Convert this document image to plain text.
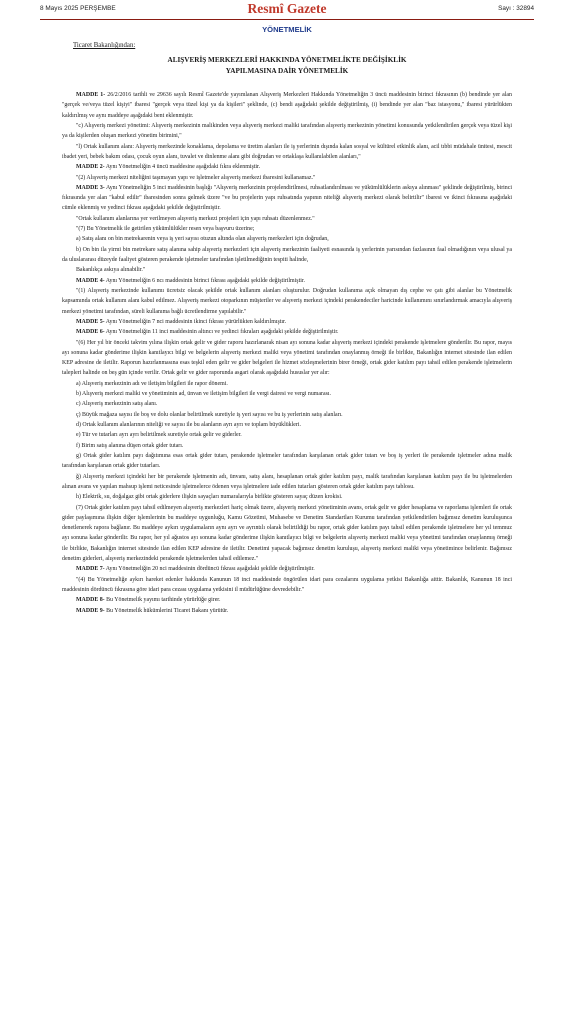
8 Mayıs 2025 PERŞEMBE	Resmî Gazete	Sayı : 32894
YÖNETMELİK
Ticaret Bakanlığından:
ALIŞVERİŞ MERKEZLERİ HAKKINDA YÖNETMELİKTE DEĞİŞİKLİK
YAPILMASINA DAİR YÖNETMELİK

MADDE 1- 26/2/2016 tarihli ve 29636 sayılı Resmî Gazete'de yayımlanan Alışveriş Merkezleri Hakkında Yönetmeliğin 3 üncü maddesinin birinci fıkrasının (b) bendinde yer alan "gerçek ve/veya tüzel kişiyi" ibaresi "gerçek veya tüzel kişi ya da kişileri" şeklinde, (c) bendi aşağıdaki şekilde değiştirilmiş, (i) bendinde yer alan "baz istasyonu," ibaresi yürürlükten kaldırılmış ve aynı maddeye aşağıdaki bent eklenmiştir.

"c) Alışveriş merkezi yönetimi: Alışveriş merkezinin malikinden veya alışveriş merkezi maliki tarafından alışveriş merkezinin yönetimi konusunda yetkilendirilen gerçek veya tüzel kişi ya da kişilerden oluşan merkezi yönetim birimini,"

"l) Ortak kullanım alanı: Alışveriş merkezinde konaklama, depolama ve üretim alanları ile iş yerlerinin dışında kalan sosyal ve kültürel etkinlik alanı, acil tıbbi müdahale ünitesi, mescit ibadet yeri, bebek bakım odası, çocuk oyun alanı, tuvalet ve dinlenme alanı gibi doğrudan ve ortaklaşa kullanılabilen alanları,"

MADDE 2- Aynı Yönetmeliğin 4 üncü maddesine aşağıdaki fıkra eklenmiştir.

"(2) Alışveriş merkezi niteliğini taşımayan yapı ve işletmeler alışveriş merkezi ibaresini kullanamaz."

MADDE 3- Aynı Yönetmeliğin 5 inci maddesinin başlığı "Alışveriş merkezinin projelendirilmesi, ruhsatlandırılması ve yükümlülüklerin askıya alınması" şeklinde değiştirilmiş, birinci fıkrasında yer alan "kabul edilir" ibaresinden sonra gelmek üzere "ve bu projelerin yapı ruhsatında yapının niteliği alışveriş merkezi olarak belirtilir" ibaresi ve ikinci fıkrasına aşağıdaki cümle eklenmiş ve yedinci fıkrası aşağıdaki şekilde değiştirilmiştir.

"Ortak kullanım alanlarına yer verilmeyen alışveriş merkezi projeleri için yapı ruhsatı düzenlenmez."

"(7) Bu Yönetmelik ile getirilen yükümlülükler resen veya başvuru üzerine;

a) Satış alanı on bin metrekarenin veya iş yeri sayısı otuzun altında olan alışveriş merkezleri için doğrudan,

b) On bin ila yirmi bin metrekare satış alanına sahip alışveriş merkezleri için alışveriş merkezinin faaliyeti esnasında iş yerlerinin yarısından fazlasının faal olmadığının veya ulusal ya da uluslararası düzeyde faaliyet gösteren perakende işletmeler tarafından işletilmediğinin tespiti halinde,

Bakanlıkça askıya alınabilir."

MADDE 4- Aynı Yönetmeliğin 6 ncı maddesinin birinci fıkrası aşağıdaki şekilde değiştirilmiştir.

"(1) Alışveriş merkezinde kullanımı ücretsiz olacak şekilde ortak kullanım alanları oluşturulur. Doğrudan kullanıma açık olmayan dış cephe ve çatı gibi alanlar bu Yönetmelik kapsamında ortak kullanım alanı kabul edilmez. Alışveriş merkezi otoparkının müşteriler ve alışveriş merkezi içindeki perakendeciler haricinde kullanımını sınırlandırmak amacıyla alışveriş merkezi yönetimi tarafından, süreli kullanıma bağlı ücretlendirme yapılabilir."

MADDE 5- Aynı Yönetmeliğin 7 nci maddesinin ikinci fıkrası yürürlükten kaldırılmıştır.

MADDE 6- Aynı Yönetmeliğin 11 inci maddesinin altıncı ve yedinci fıkraları aşağıdaki şekilde değiştirilmiştir.

"(6) Her yıl bir önceki takvim yılına ilişkin ortak gelir ve gider raporu hazırlanarak nisan ayı sonuna kadar alışveriş merkezi içindeki perakende işletmelere gönderilir. Bu rapor, mayıs ayı sonuna kadar gönderime ilişkin kanıtlayıcı bilgi ve belgelerin alışveriş merkezi maliki veya yönetimi tarafından onaylanmış örneği ile birlikte, Bakanlığın internet sitesinde ilan edilen KEP adresine de iletilir. Raporun hazırlanmasına esas teşkil eden gelir ve gider belgeleri ile hizmet sözleşmelerinin birer örneği, ortak gider katılım payı tahsil edilen perakende işletmelerin talepleri halinde on beş gün içinde verilir. Ortak gelir ve gider raporunda asgari olarak aşağıdaki hususlar yer alır:

a) Alışveriş merkezinin adı ve iletişim bilgileri ile rapor dönemi.

b) Alışveriş merkezi maliki ve yönetiminin ad, ünvan ve iletişim bilgileri ile vergi dairesi ve vergi numarası.

c) Alışveriş merkezinin satış alanı.

ç) Büyük mağaza sayısı ile boş ve dolu olanlar belirtilmek suretiyle iş yeri sayısı ve bu iş yerlerinin satış alanları.

d) Ortak kullanım alanlarının niteliği ve sayısı ile bu alanların ayrı ayrı ve toplam büyüklükleri.

e) Tür ve tutarları ayrı ayrı belirtilmek suretiyle ortak gelir ve giderler.

f) Birim satış alanına düşen ortak gider tutarı.

g) Ortak gider katılım payı dağıtımına esas ortak gider tutarı, perakende işletmeler tarafından karşılanan ortak gider tutarı ve boş iş yerleri ile perakende işletmeler adına malik tarafından karşılanan ortak gider tutarları.

ğ) Alışveriş merkezi içindeki her bir perakende işletmenin adı, ünvanı, satış alanı, hesaplanan ortak gider katılım payı, malik tarafından karşılanan katılım payı ile bu işletmelerden alınan avans ve yapılan mahsup işlemi neticesinde işletmelerce ödenen veya işletmelere iade edilen tutarları gösteren ortak gider katılım payı tablosu.

h) Elektrik, su, doğalgaz gibi ortak giderlere ilişkin sayaçları numaralarıyla birlikte gösteren sayaç düzen krokisi.

(7) Ortak gider katılım payı tahsil edilmeyen alışveriş merkezleri hariç olmak üzere, alışveriş merkezi yönetiminin avans, ortak gelir ve gider hesaplama ve raporlama işlemleri ile ortak gider paylaşımına ilişkin diğer işlemlerinin bu maddeye uygunluğu, Kamu Gözetimi, Muhasebe ve Denetim Standartları Kurumu tarafından yetkilendirilen bağımsız denetim kuruluşunca denetlenerek rapora bağlanır. Bu maddeye aykırı uygulamaların aynı ayrı ve ayrıntılı olarak belirtildiği bu rapor, ortak gider katılım payı tahsil edilen perakende işletmelere her yıl temmuz ayı sonuna kadar gönderilir. Bu rapor, her yıl ağustos ayı sonuna kadar gönderime ilişkin kanıtlayıcı bilgi ve belgelerin alışveriş merkezi maliki veya yönetimi tarafından onaylanmış örneği ile birlikte, Bakanlığın internet sitesinde ilan edilen KEP adresine de iletilir. Denetimi yapacak bağımsız denetim kuruluşu, alışveriş merkezi maliki veya yönetimince belirlenir. Bağımsız denetim giderleri, alışveriş merkezindeki perakende işletmelerden tahsil edilemez."

MADDE 7- Aynı Yönetmeliğin 20 nci maddesinin dördüncü fıkrası aşağıdaki şekilde değiştirilmiştir.

"(4) Bu Yönetmeliğe aykırı hareket edenler hakkında Kanunun 18 inci maddesinde öngörülen idari para cezalarını uygulama yetkisi Bakanlığa aittir. Bakanlık, Kanunun 18 inci maddesinin dördüncü fıkrasına göre idari para cezası uygulama yetkisini il müdürlüğüne devredebilir."

MADDE 8- Bu Yönetmelik yayımı tarihinde yürürlüğe girer.

MADDE 9- Bu Yönetmelik hükümlerini Ticaret Bakanı yürütür.
